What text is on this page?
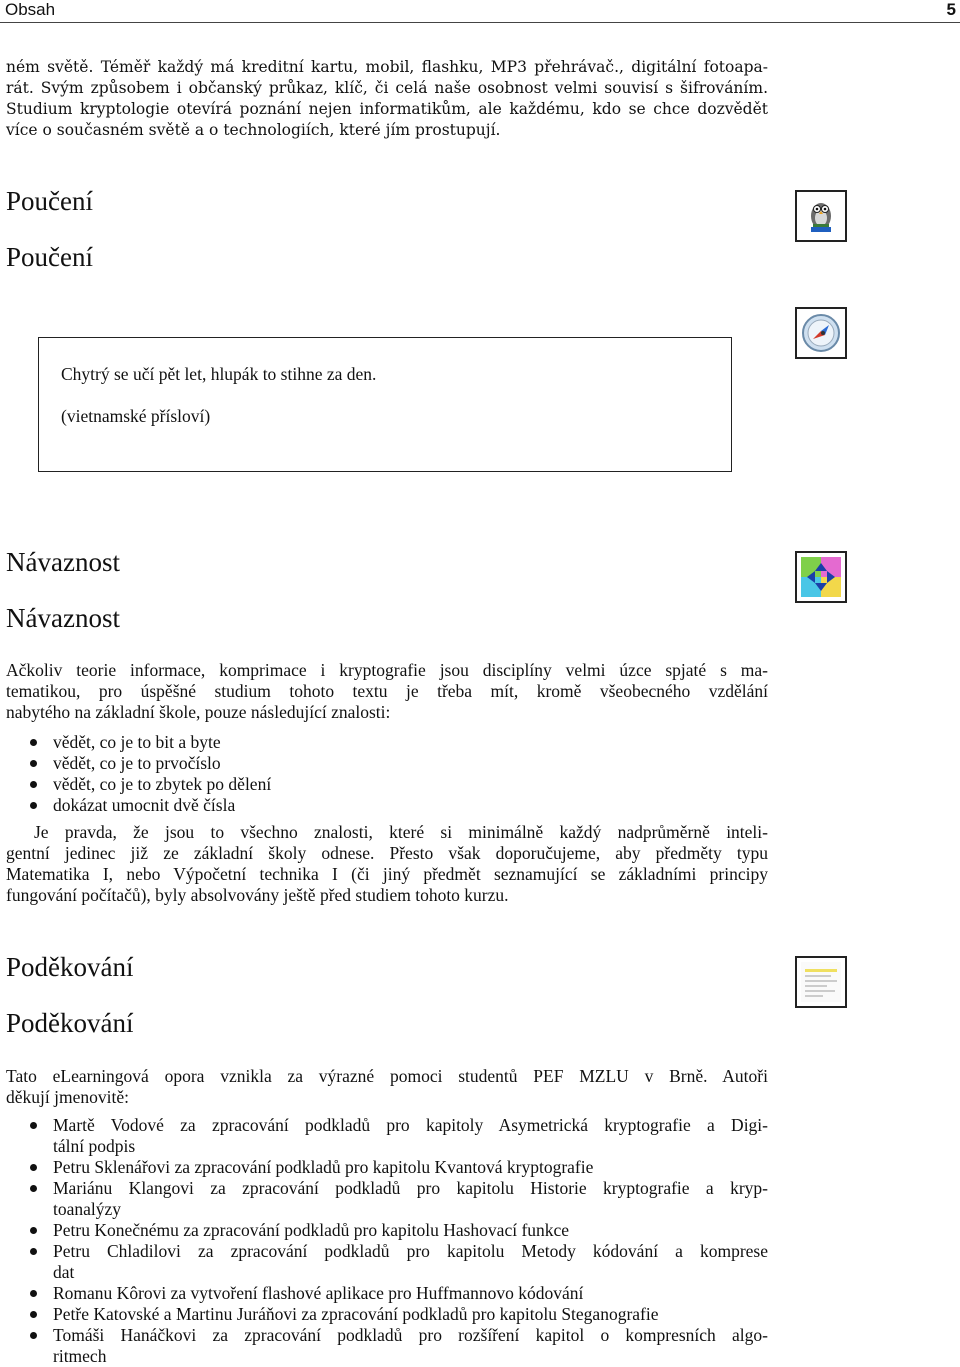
Obsah	5
ném světě. Téměř každý má kreditní kartu, mobil, flashku, MP3 přehrávač., digitální fotoapa-
rát. Svým způsobem i občanský průkaz, klíč, či celá naše osobnost velmi souvisí s šifrováním.
Studium kryptologie otevírá poznání nejen informatikům, ale každému, kdo se chce dozvědět
více o současném světě a o technologiích, které jím prostupují.
Poučení
Poučení
Chytrý se učí pět let, hlupák to stihne za den.
(vietnamské přísloví)
Návaznost
Návaznost
Ačkoliv teorie informace, komprimace i kryptografie jsou disciplíny velmi úzce spjaté s ma-
tematikou, pro úspěšné studium tohoto textu je třeba mít, kromě všeobecného vzdělání
nabytého na základní škole, pouze následující znalosti:
vědět, co je to bit a byte
vědět, co je to prvočíslo
vědět, co je to zbytek po dělení
dokázat umocnit dvě čísla
Je pravda, že jsou to všechno znalosti, které si minimálně každý nadprůměrně inteli-
gentní jedinec již ze základní školy odnese. Přesto však doporučujeme, aby předměty typu
Matematika I, nebo Výpočetní technika I (či jiný předmět seznamující se základními principy
fungování počítačů), byly absolvovány ještě před studiem tohoto kurzu.
Poděkování
Poděkování
Tato eLearningová opora vznikla za výrazné pomoci studentů PEF MZLU v Brně. Autoři
děkují jmenovitě:
Martě Vodové za zpracování podkladů pro kapitoly Asymetrická kryptografie a Digi-
tální podpis
Petru Sklenářovi za zpracování podkladů pro kapitolu Kvantová kryptografie
Mariánu Klangovi za zpracování podkladů pro kapitolu Historie kryptografie a kryp-
toanalýzy
Petru Konečnému za zpracování podkladů pro kapitolu Hashovací funkce
Petru Chladilovi za zpracování podkladů pro kapitolu Metody kódování a komprese
dat
Romanu Kôrovi za vytvoření flashové aplikace pro Huffmannovo kódování
Petře Katovské a Martinu Juráňovi za zpracování podkladů pro kapitolu Steganografie
Tomáši Hanáčkovi za zpracování podkladů pro rozšíření kapitol o kompresních algo-
ritmech
